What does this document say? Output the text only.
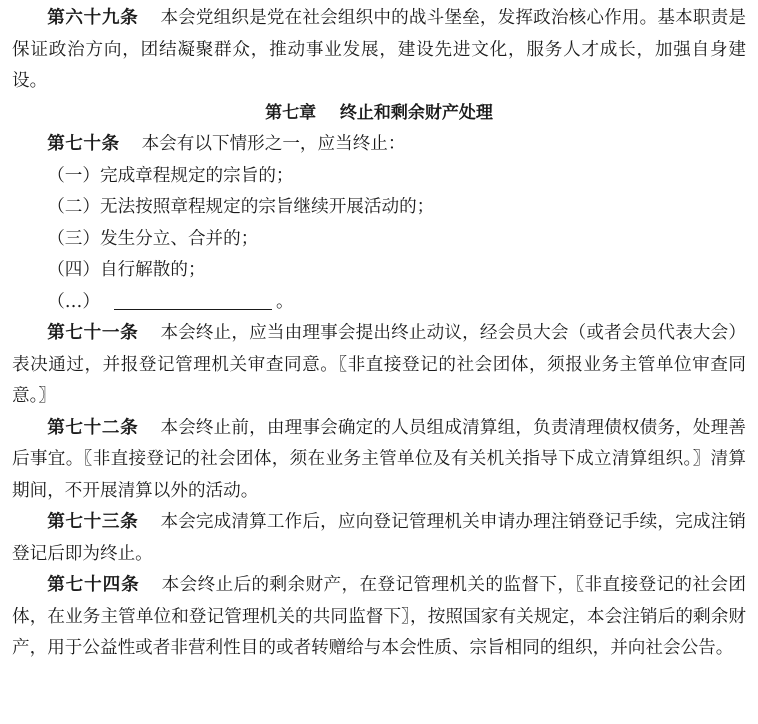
第六十九条 本会党组织是党在社会组织中的战斗堡垒，发挥政治核心作用。基本职责是保证政治方向，团结凝聚群众，推动事业发展，建设先进文化，服务人才成长，加强自身建设。

第七章 终止和剩余财产处理

第七十条 本会有以下情形之一，应当终止：

（一）完成章程规定的宗旨的；

（二）无法按照章程规定的宗旨继续开展活动的；

（三）发生分立、合并的；

（四）自行解散的；

（…）	。

第七十一条 本会终止，应当由理事会提出终止动议，经会员大会（或者会员代表大会）表决通过，并报登记管理机关审查同意。〖非直接登记的社会团体，须报业务主管单位审查同意。〗

第七十二条 本会终止前，由理事会确定的人员组成清算组，负责清理债权债务，处理善后事宜。〖非直接登记的社会团体，须在业务主管单位及有关机关指导下成立清算组织。〗清算期间，不开展清算以外的活动。

第七十三条 本会完成清算工作后，应向登记管理机关申请办理注销登记手续，完成注销登记后即为终止。

第七十四条 本会终止后的剩余财产，在登记管理机关的监督下，〖非直接登记的社会团体，在业务主管单位和登记管理机关的共同监督下〗，按照国家有关规定，本会注销后的剩余财产，用于公益性或者非营利性目的或者转赠给与本会性质、宗旨相同的组织，并向社会公告。
